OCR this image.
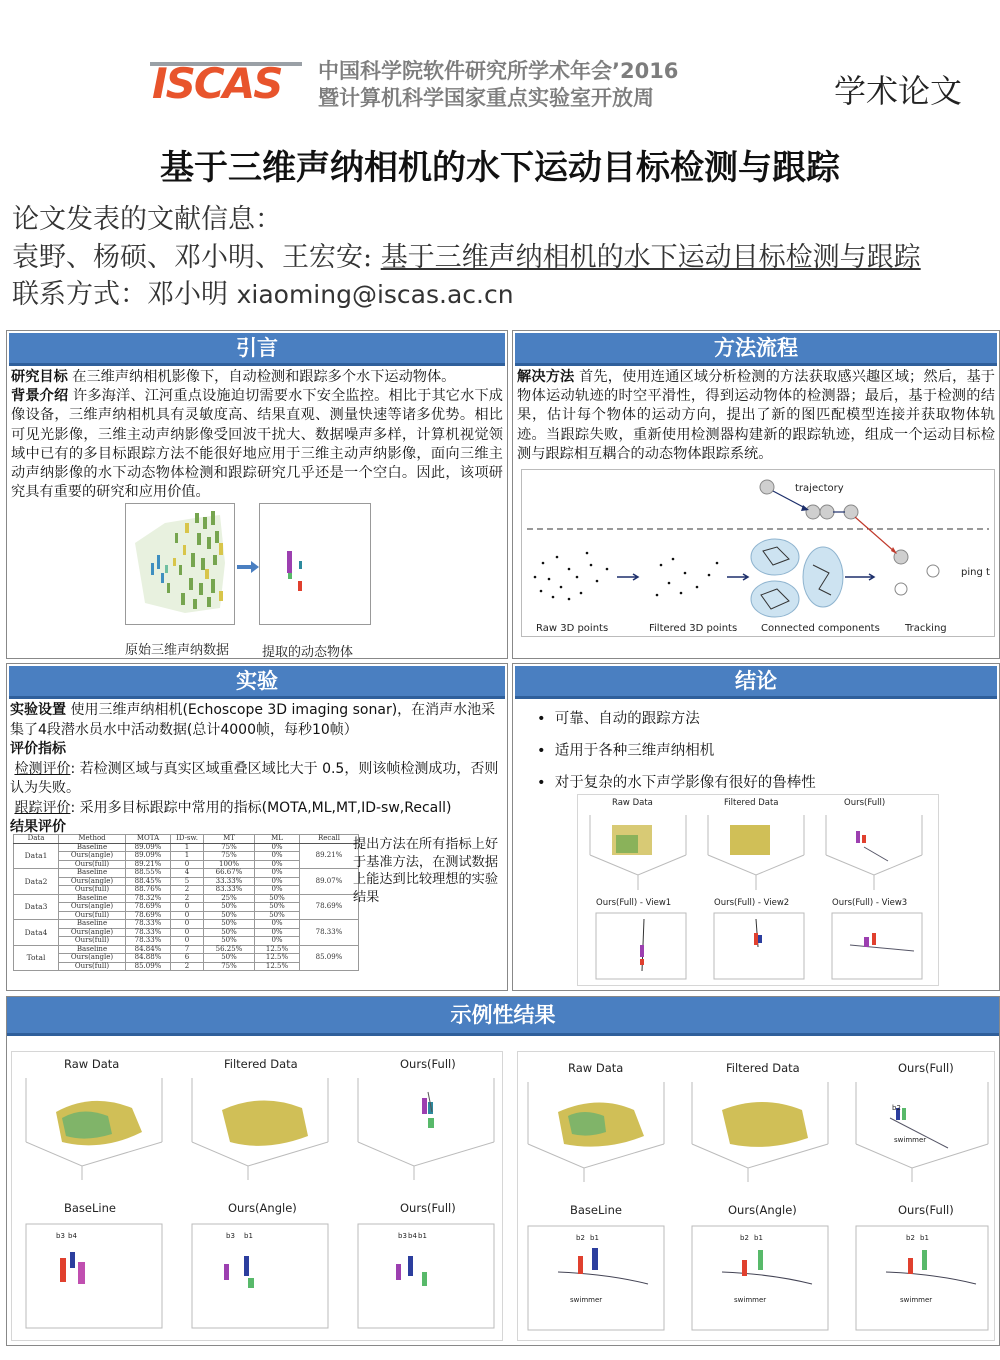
ISCAS 中国科学院软件研究所学术年会’2016
暨计算机科学国家重点实验室开放周	学术论文
基于三维声纳相机的水下运动目标检测与跟踪
论文发表的文献信息：
袁野、杨硕、邓小明、王宏安: 基于三维声纳相机的水下运动目标检测与跟踪
联系方式：邓小明 xiaoming@iscas.ac.cn
引言
研究目标 在三维声纳相机影像下，自动检测和跟踪多个水下运动物体。
背景介绍 许多海洋、江河重点设施迫切需要水下安全监控。相比于其它水下成像设备，三维声纳相机具有灵敏度高、结果直观、测量快速等诸多优势。相比可见光影像，三维主动声纳影像受回波干扰大、数据噪声多样，计算机视觉领域中已有的多目标跟踪方法不能很好地应用于三维主动声纳影像，面向三维主动声纳影像的水下动态物体检测和跟踪研究几乎还是一个空白。因此，该项研究具有重要的研究和应用价值。
原始三维声纳数据	提取的动态物体
方法流程
解决方法 首先，使用连通区域分析检测的方法获取感兴趣区域；然后，基于物体运动轨迹的时空平滑性，得到运动物体的检测器；最后，基于检测的结果，估计每个物体的运动方向，提出了新的图匹配模型连接并获取物体轨迹。当跟踪失败，重新使用检测器构建新的跟踪轨迹，组成一个运动目标检测与跟踪相互耦合的动态物体跟踪系统。
trajectory
ping t
Raw 3D points	Filtered 3D points Connected components	Tracking
实验
实验设置 使用三维声纳相机(Echoscope 3D imaging sonar)，在消声水池采集了4段潜水员水中活动数据(总计4000帧，每秒10帧）
评价指标
检测评价: 若检测区域与真实区域重叠区域比大于 0.5，则该帧检测成功，否则认为失败。
跟踪评价: 采用多目标跟踪中常用的指标(MOTA,ML,MT,ID-sw,Recall)
结果评价
Data	Method	MOTA	ID-sw.	MT	ML	Recall
Data1	Baseline	89.09%	1	75%	0%	89.21%
	Ours(angle)	89.09%	1	75%	0%	
	Ours(full)	89.21%	0	100%	0%	
Data2	Baseline	88.55%	4	66.67%	0%	89.07%
	Ours(angle)	88.45%	5	33.33%	0%	
	Ours(full)	88.76%	2	83.33%	0%	
Data3	Baseline	78.32%	2	25%	50%	78.69%
	Ours(angle)	78.69%	0	50%	50%	
	Ours(full)	78.69%	0	50%	50%	
Data4	Baseline	78.33%	0	50%	0%	78.33%
	Ours(angle)	78.33%	0	50%	0%	
	Ours(full)	78.33%	0	50%	0%	
Total	Baseline	84.84%	7	56.25%	12.5%	85.09%
	Ours(angle)	84.88%	6	50%	12.5%	
	Ours(full)	85.09%	2	75%	12.5%	
提出方法在所有指标上好于基准方法，在测试数据上能达到比较理想的实验结果
结论
•  可靠、自动的跟踪方法
•  适用于各种三维声纳相机
•  对于复杂的水下声学影像有很好的鲁棒性
Raw Data	Filtered Data	Ours(Full)
Ours(Full) - View1	Ours(Full) - View2	Ours(Full) - View3
示例性结果
Raw Data	Filtered Data	Ours(Full)
BaseLine	Ours(Angle)	Ours(Full)
b3 b4	b3 b1	b3 b4 b1
Raw Data	Filtered Data	Ours(Full)
BaseLine	Ours(Angle)	Ours(Full)
b2
swimmer
b2 b1
swimmer
b2 b1
swimmer
b2 b1
swimmer
